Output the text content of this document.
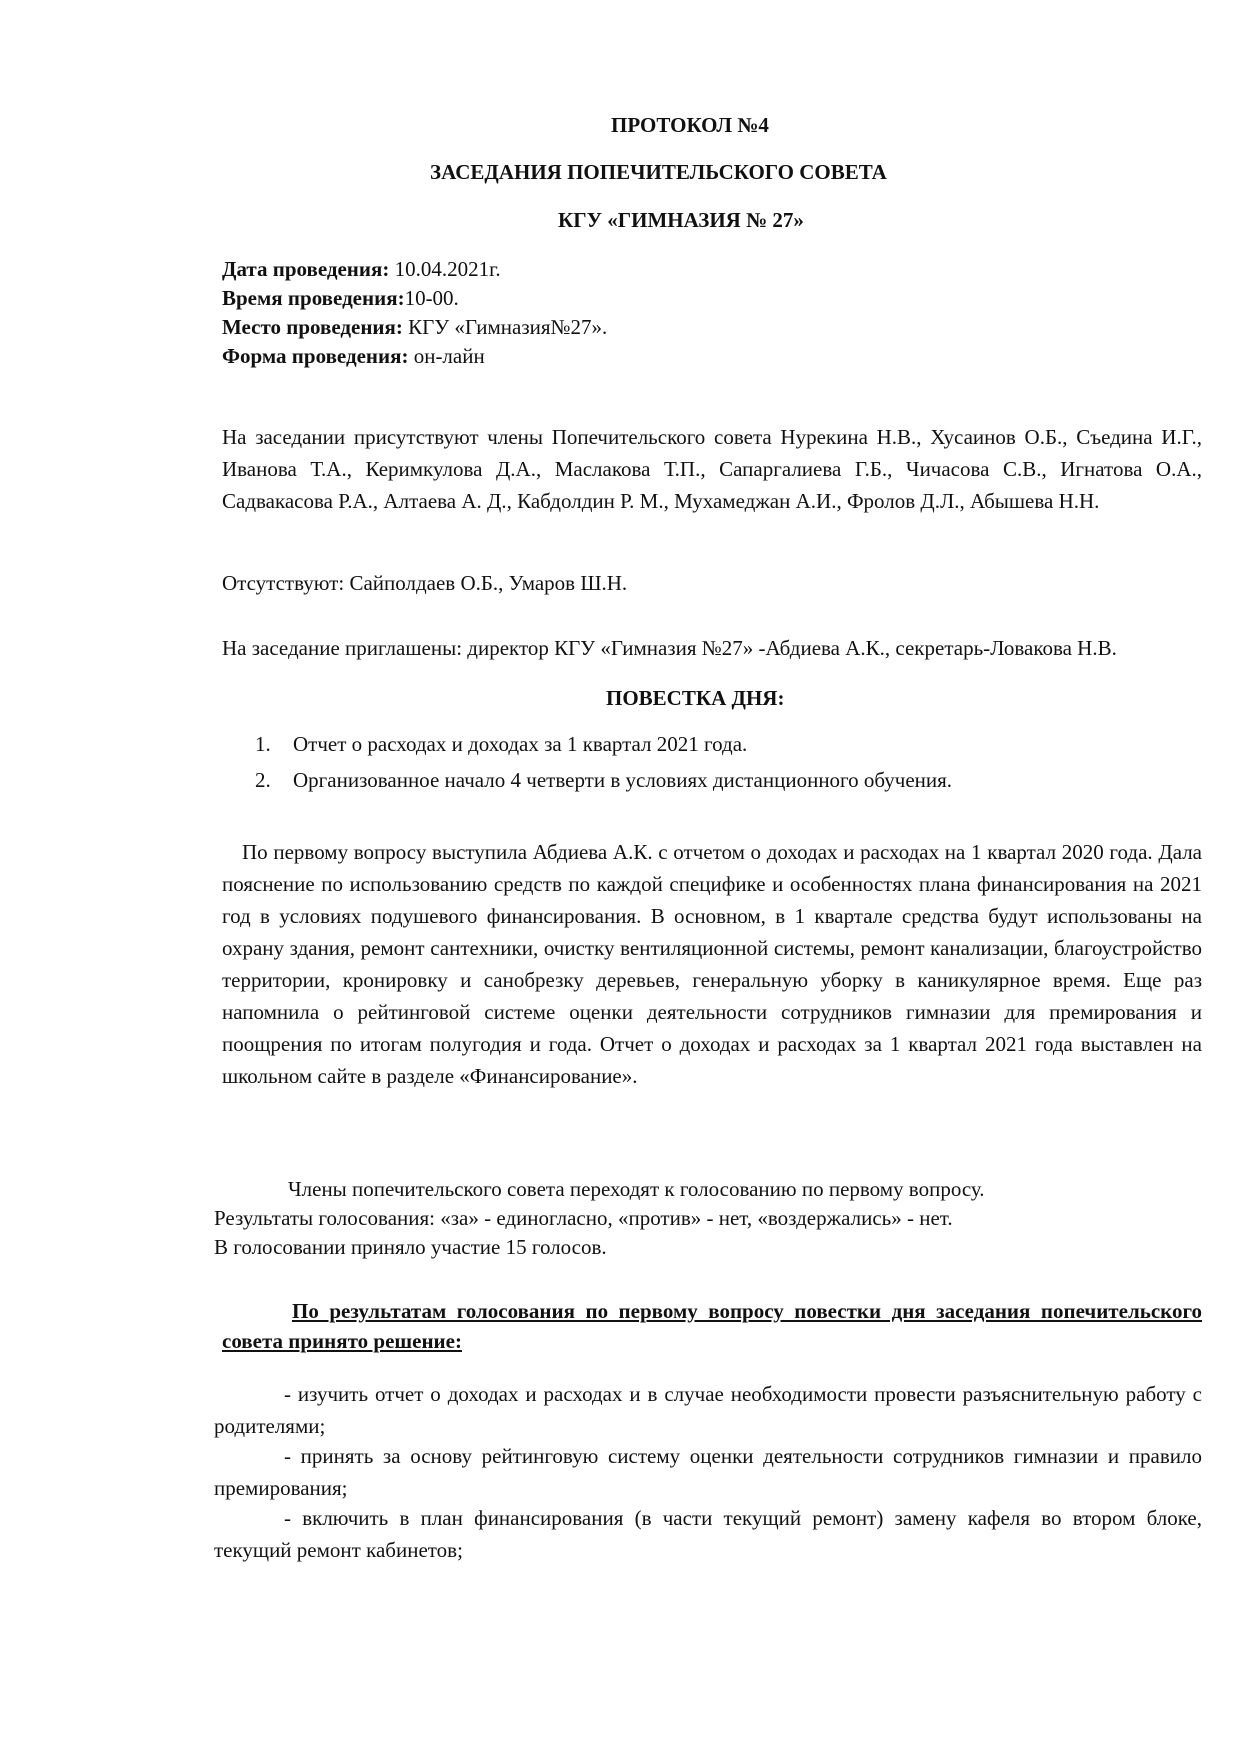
ПРОТОКОЛ №4
ЗАСЕДАНИЯ ПОПЕЧИТЕЛЬСКОГО СОВЕТА
КГУ «ГИМНАЗИЯ № 27»
Дата проведения: 10.04.2021г.
Время проведения:10-00.
Место проведения: КГУ «Гимназия№27».
Форма проведения: он-лайн
На заседании присутствуют члены Попечительского совета Нурекина Н.В., Хусаинов О.Б., Съедина И.Г., Иванова Т.А., Керимкулова Д.А., Маслакова Т.П., Сапаргалиева Г.Б., Чичасова С.В., Игнатова О.А., Садвакасова Р.А., Алтаева А. Д., Кабдолдин Р. М., Мухамеджан А.И., Фролов Д.Л., Абышева Н.Н.
Отсутствуют: Сайполдаев О.Б., Умаров Ш.Н.
На заседание приглашены: директор КГУ «Гимназия №27» -Абдиева А.К., секретарь-Ловакова Н.В.
ПОВЕСТКА ДНЯ:
1. Отчет о расходах и доходах за 1 квартал 2021 года.
2. Организованное начало 4 четверти в условиях дистанционного обучения.
По первому вопросу выступила Абдиева А.К. с отчетом о доходах и расходах на 1 квартал 2020 года. Дала пояснение по использованию средств по каждой специфике и особенностях плана финансирования на 2021 год в условиях подушевого финансирования. В основном, в 1 квартале средства будут использованы на охрану здания, ремонт сантехники, очистку вентиляционной системы, ремонт канализации, благоустройство территории, кронировку и санобрезку деревьев, генеральную уборку в каникулярное время. Еще раз напомнила о рейтинговой системе оценки деятельности сотрудников гимназии для премирования и поощрения по итогам полугодия и года. Отчет о доходах и расходах за 1 квартал 2021 года выставлен на школьном сайте в разделе «Финансирование».
Члены попечительского совета переходят к голосованию по первому вопросу.
Результаты голосования: «за» - единогласно, «против» - нет, «воздержались» - нет.
В голосовании приняло участие 15 голосов.
По результатам голосования по первому вопросу повестки дня заседания попечительского совета принято решение:
- изучить отчет о доходах и расходах и в случае необходимости провести разъяснительную работу с родителями;
- принять за основу рейтинговую систему оценки деятельности сотрудников гимназии и правило премирования;
- включить в план финансирования (в части текущий ремонт) замену кафеля во втором блоке, текущий ремонт кабинетов;
